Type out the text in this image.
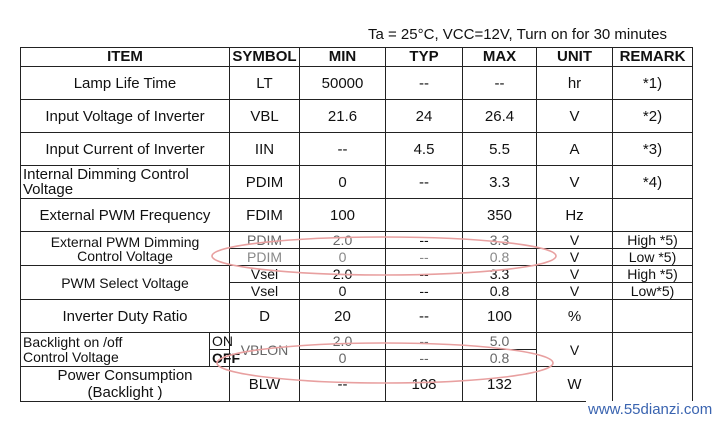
Ta = 25°C, VCC=12V, Turn on for 30 minutes
ITEM		SYMBOL	MIN	TYP	MAX	UNIT	REMARK
Lamp Life Time		LT	50000	--	--	hr	*1)
Input Voltage of Inverter		VBL	21.6	24	26.4	V	*2)
Input Current of Inverter		IIN	--	4.5	5.5	A	*3)
Internal Dimming Control
Voltage		PDIM	0	--	3.3	V	*4)
External PWM Frequency		FDIM	100		350	Hz	
External PWM Dimming
Control Voltage		PDIM	2.0	--	3.3	V	High *5)
		PDIM	0	--	0.8	V	Low *5)
PWM Select Voltage		Vsel	2.0	--	3.3	V	High *5)
		Vsel	0	--	0.8	V	Low*5)
Inverter Duty Ratio		D	20	--	100	%	
Backlight on /off
Control Voltage	ON	VBLON	2.0	--	5.0	V	
	OFF		0	--	0.8		
Power Consumption
(Backlight )		BLW	--	108	132	W	
www.55dianzi.com
